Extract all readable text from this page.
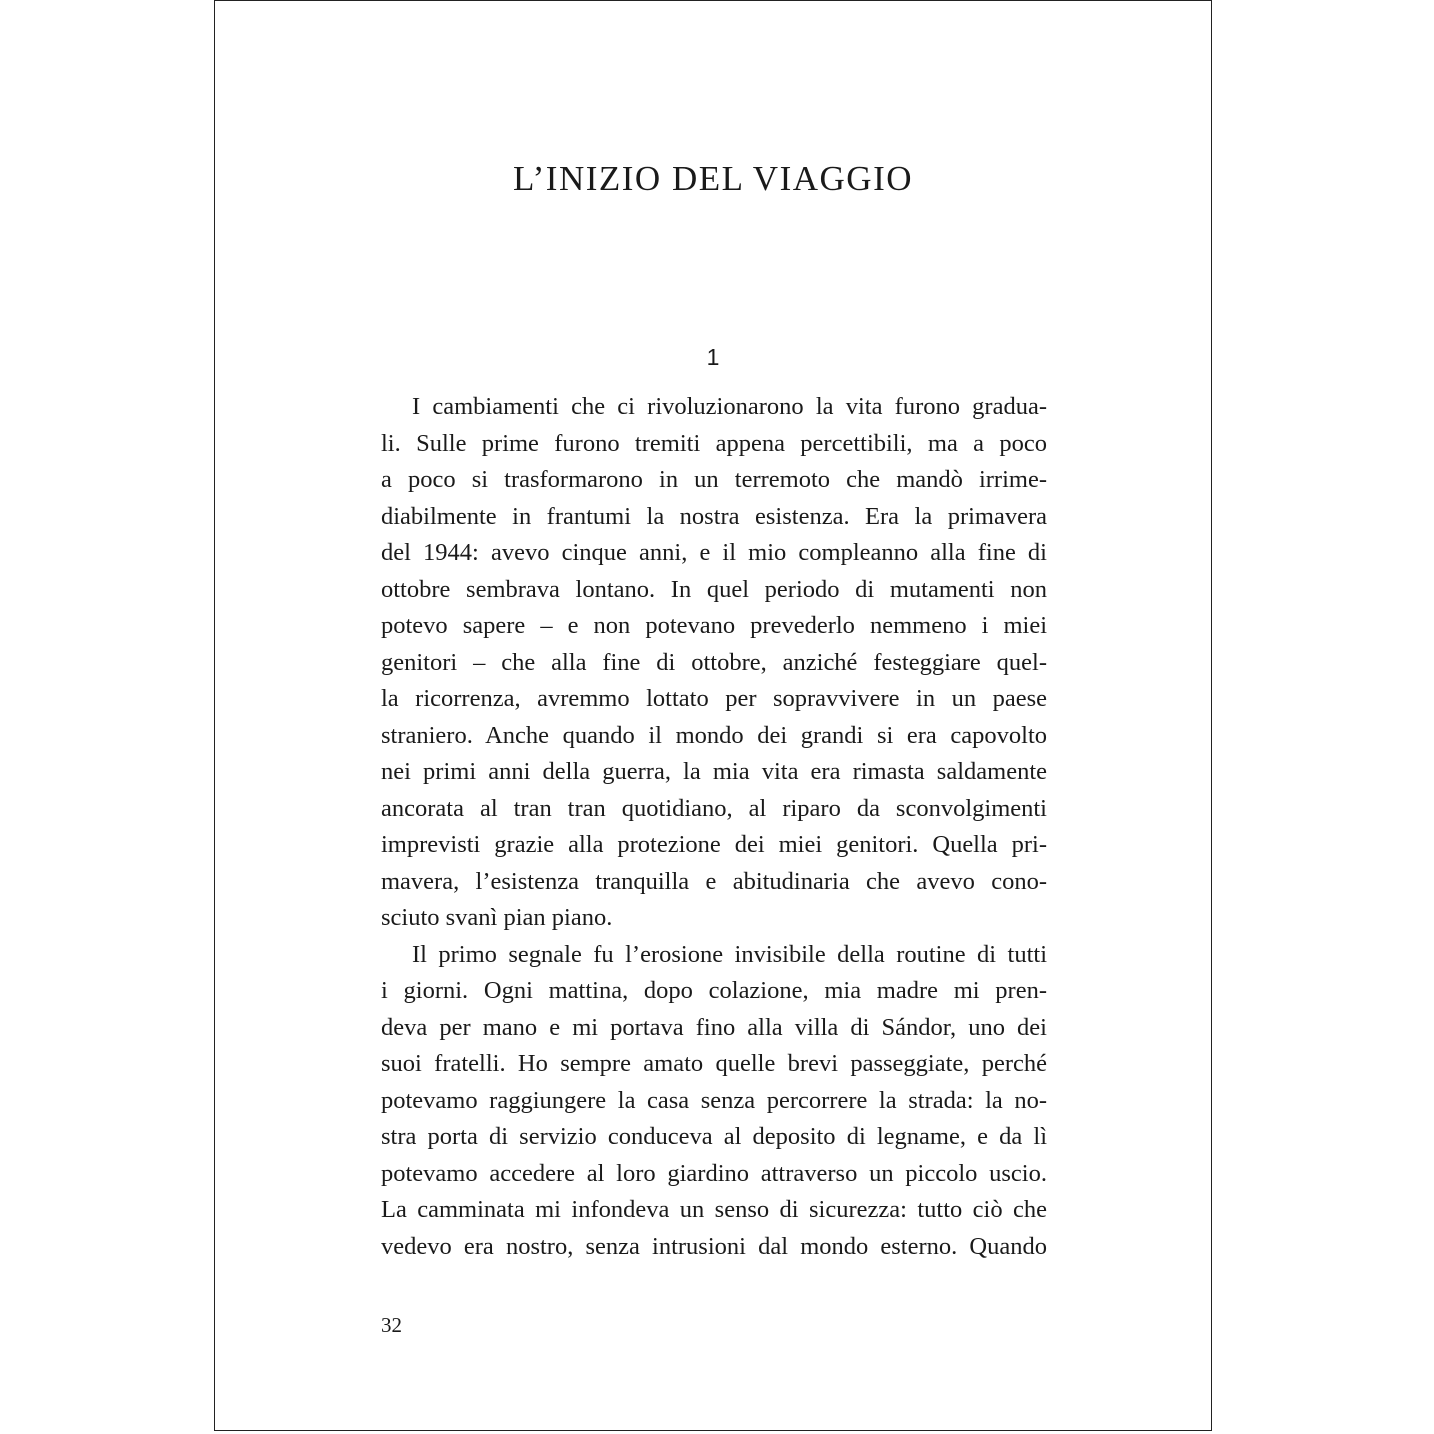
L’INIZIO DEL VIAGGIO
1
I cambiamenti che ci rivoluzionarono la vita furono gradua-
li. Sulle prime furono tremiti appena percettibili, ma a poco
a poco si trasformarono in un terremoto che mandò irrime-
diabilmente in frantumi la nostra esistenza. Era la primavera
del 1944: avevo cinque anni, e il mio compleanno alla fine di
ottobre sembrava lontano. In quel periodo di mutamenti non
potevo sapere – e non potevano prevederlo nemmeno i miei
genitori – che alla fine di ottobre, anziché festeggiare quel-
la ricorrenza, avremmo lottato per sopravvivere in un paese
straniero. Anche quando il mondo dei grandi si era capovolto
nei primi anni della guerra, la mia vita era rimasta saldamente
ancorata al tran tran quotidiano, al riparo da sconvolgimenti
imprevisti grazie alla protezione dei miei genitori. Quella pri-
mavera, l’esistenza tranquilla e abitudinaria che avevo cono-
sciuto svanì pian piano.
Il primo segnale fu l’erosione invisibile della routine di tutti
i giorni. Ogni mattina, dopo colazione, mia madre mi pren-
deva per mano e mi portava fino alla villa di Sándor, uno dei
suoi fratelli. Ho sempre amato quelle brevi passeggiate, perché
potevamo raggiungere la casa senza percorrere la strada: la no-
stra porta di servizio conduceva al deposito di legname, e da lì
potevamo accedere al loro giardino attraverso un piccolo uscio.
La camminata mi infondeva un senso di sicurezza: tutto ciò che
vedevo era nostro, senza intrusioni dal mondo esterno. Quando
32
